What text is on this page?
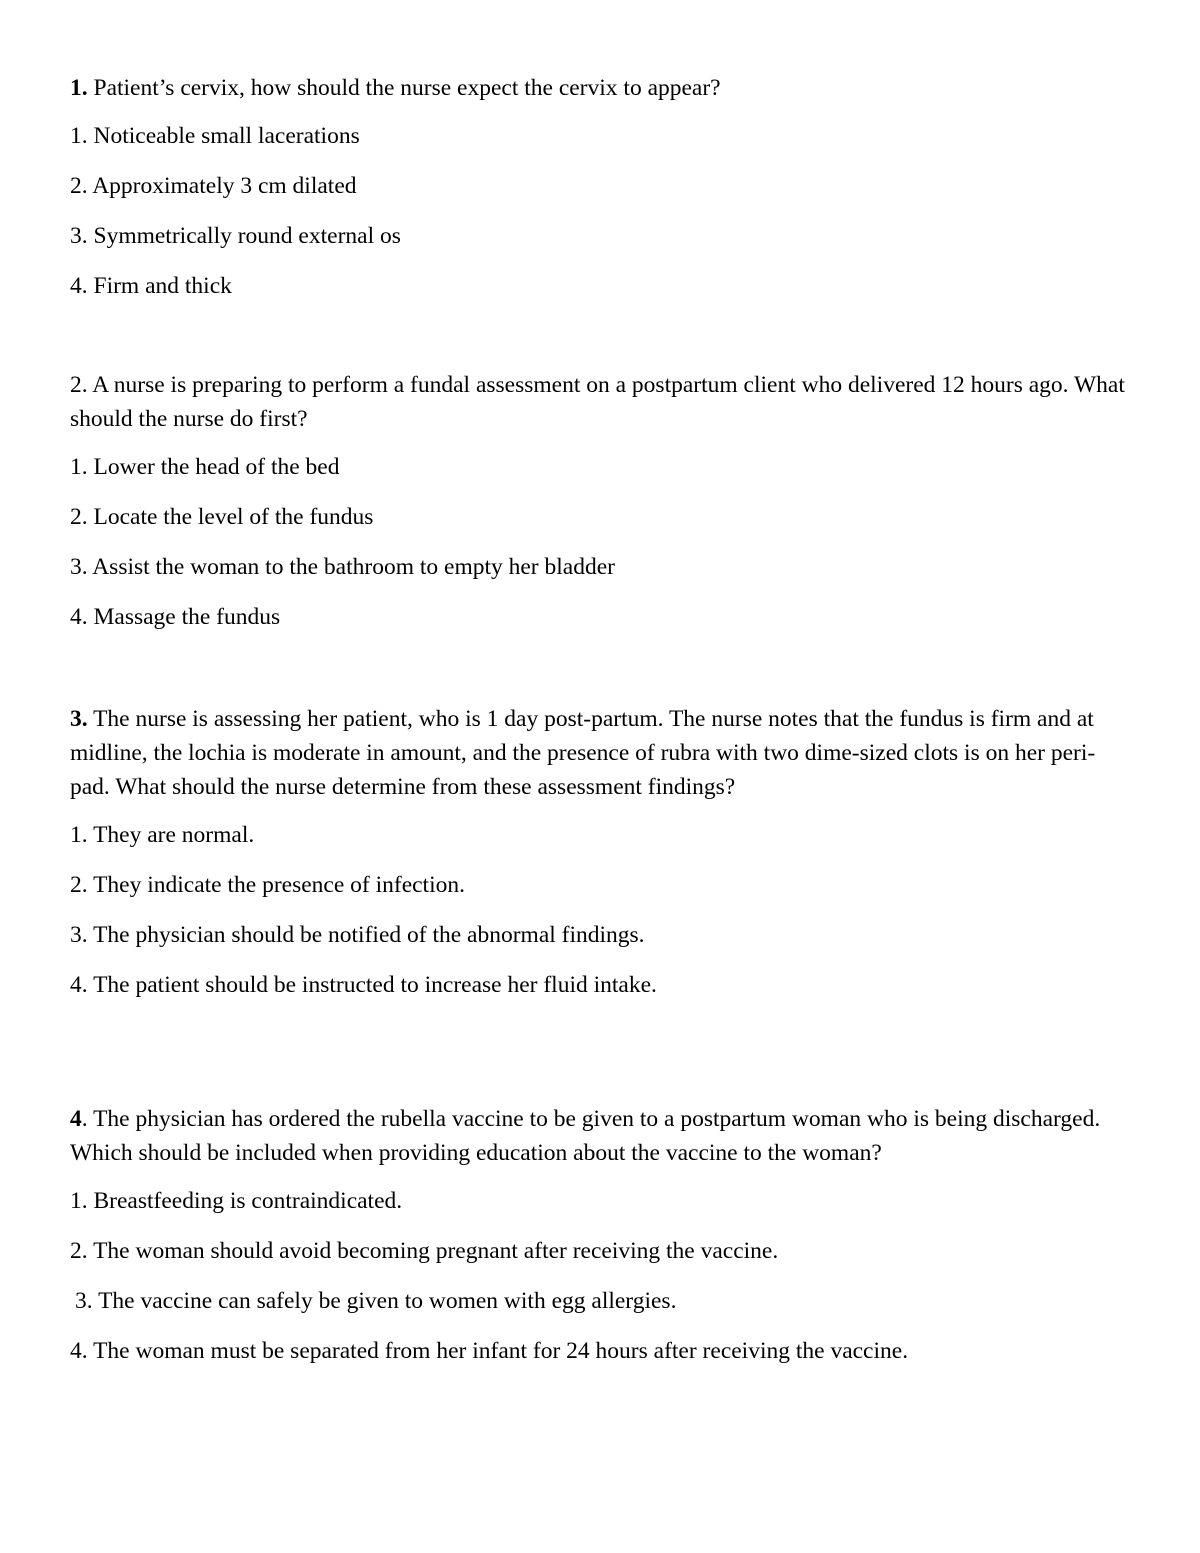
1. Patient’s cervix, how should the nurse expect the cervix to appear?

1. Noticeable small lacerations

2. Approximately 3 cm dilated

3. Symmetrically round external os

4. Firm and thick

2. A nurse is preparing to perform a fundal assessment on a postpartum client who delivered 12 hours ago. What should the nurse do first?

1. Lower the head of the bed

2. Locate the level of the fundus

3. Assist the woman to the bathroom to empty her bladder

4. Massage the fundus

3. The nurse is assessing her patient, who is 1 day post-partum. The nurse notes that the fundus is firm and at midline, the lochia is moderate in amount, and the presence of rubra with two dime-sized clots is on her peri-pad. What should the nurse determine from these assessment findings?

1. They are normal.

2. They indicate the presence of infection.

3. The physician should be notified of the abnormal findings.

4. The patient should be instructed to increase her fluid intake.

4. The physician has ordered the rubella vaccine to be given to a postpartum woman who is being discharged. Which should be included when providing education about the vaccine to the woman?

1. Breastfeeding is contraindicated.

2. The woman should avoid becoming pregnant after receiving the vaccine.

3. The vaccine can safely be given to women with egg allergies.

4. The woman must be separated from her infant for 24 hours after receiving the vaccine.
